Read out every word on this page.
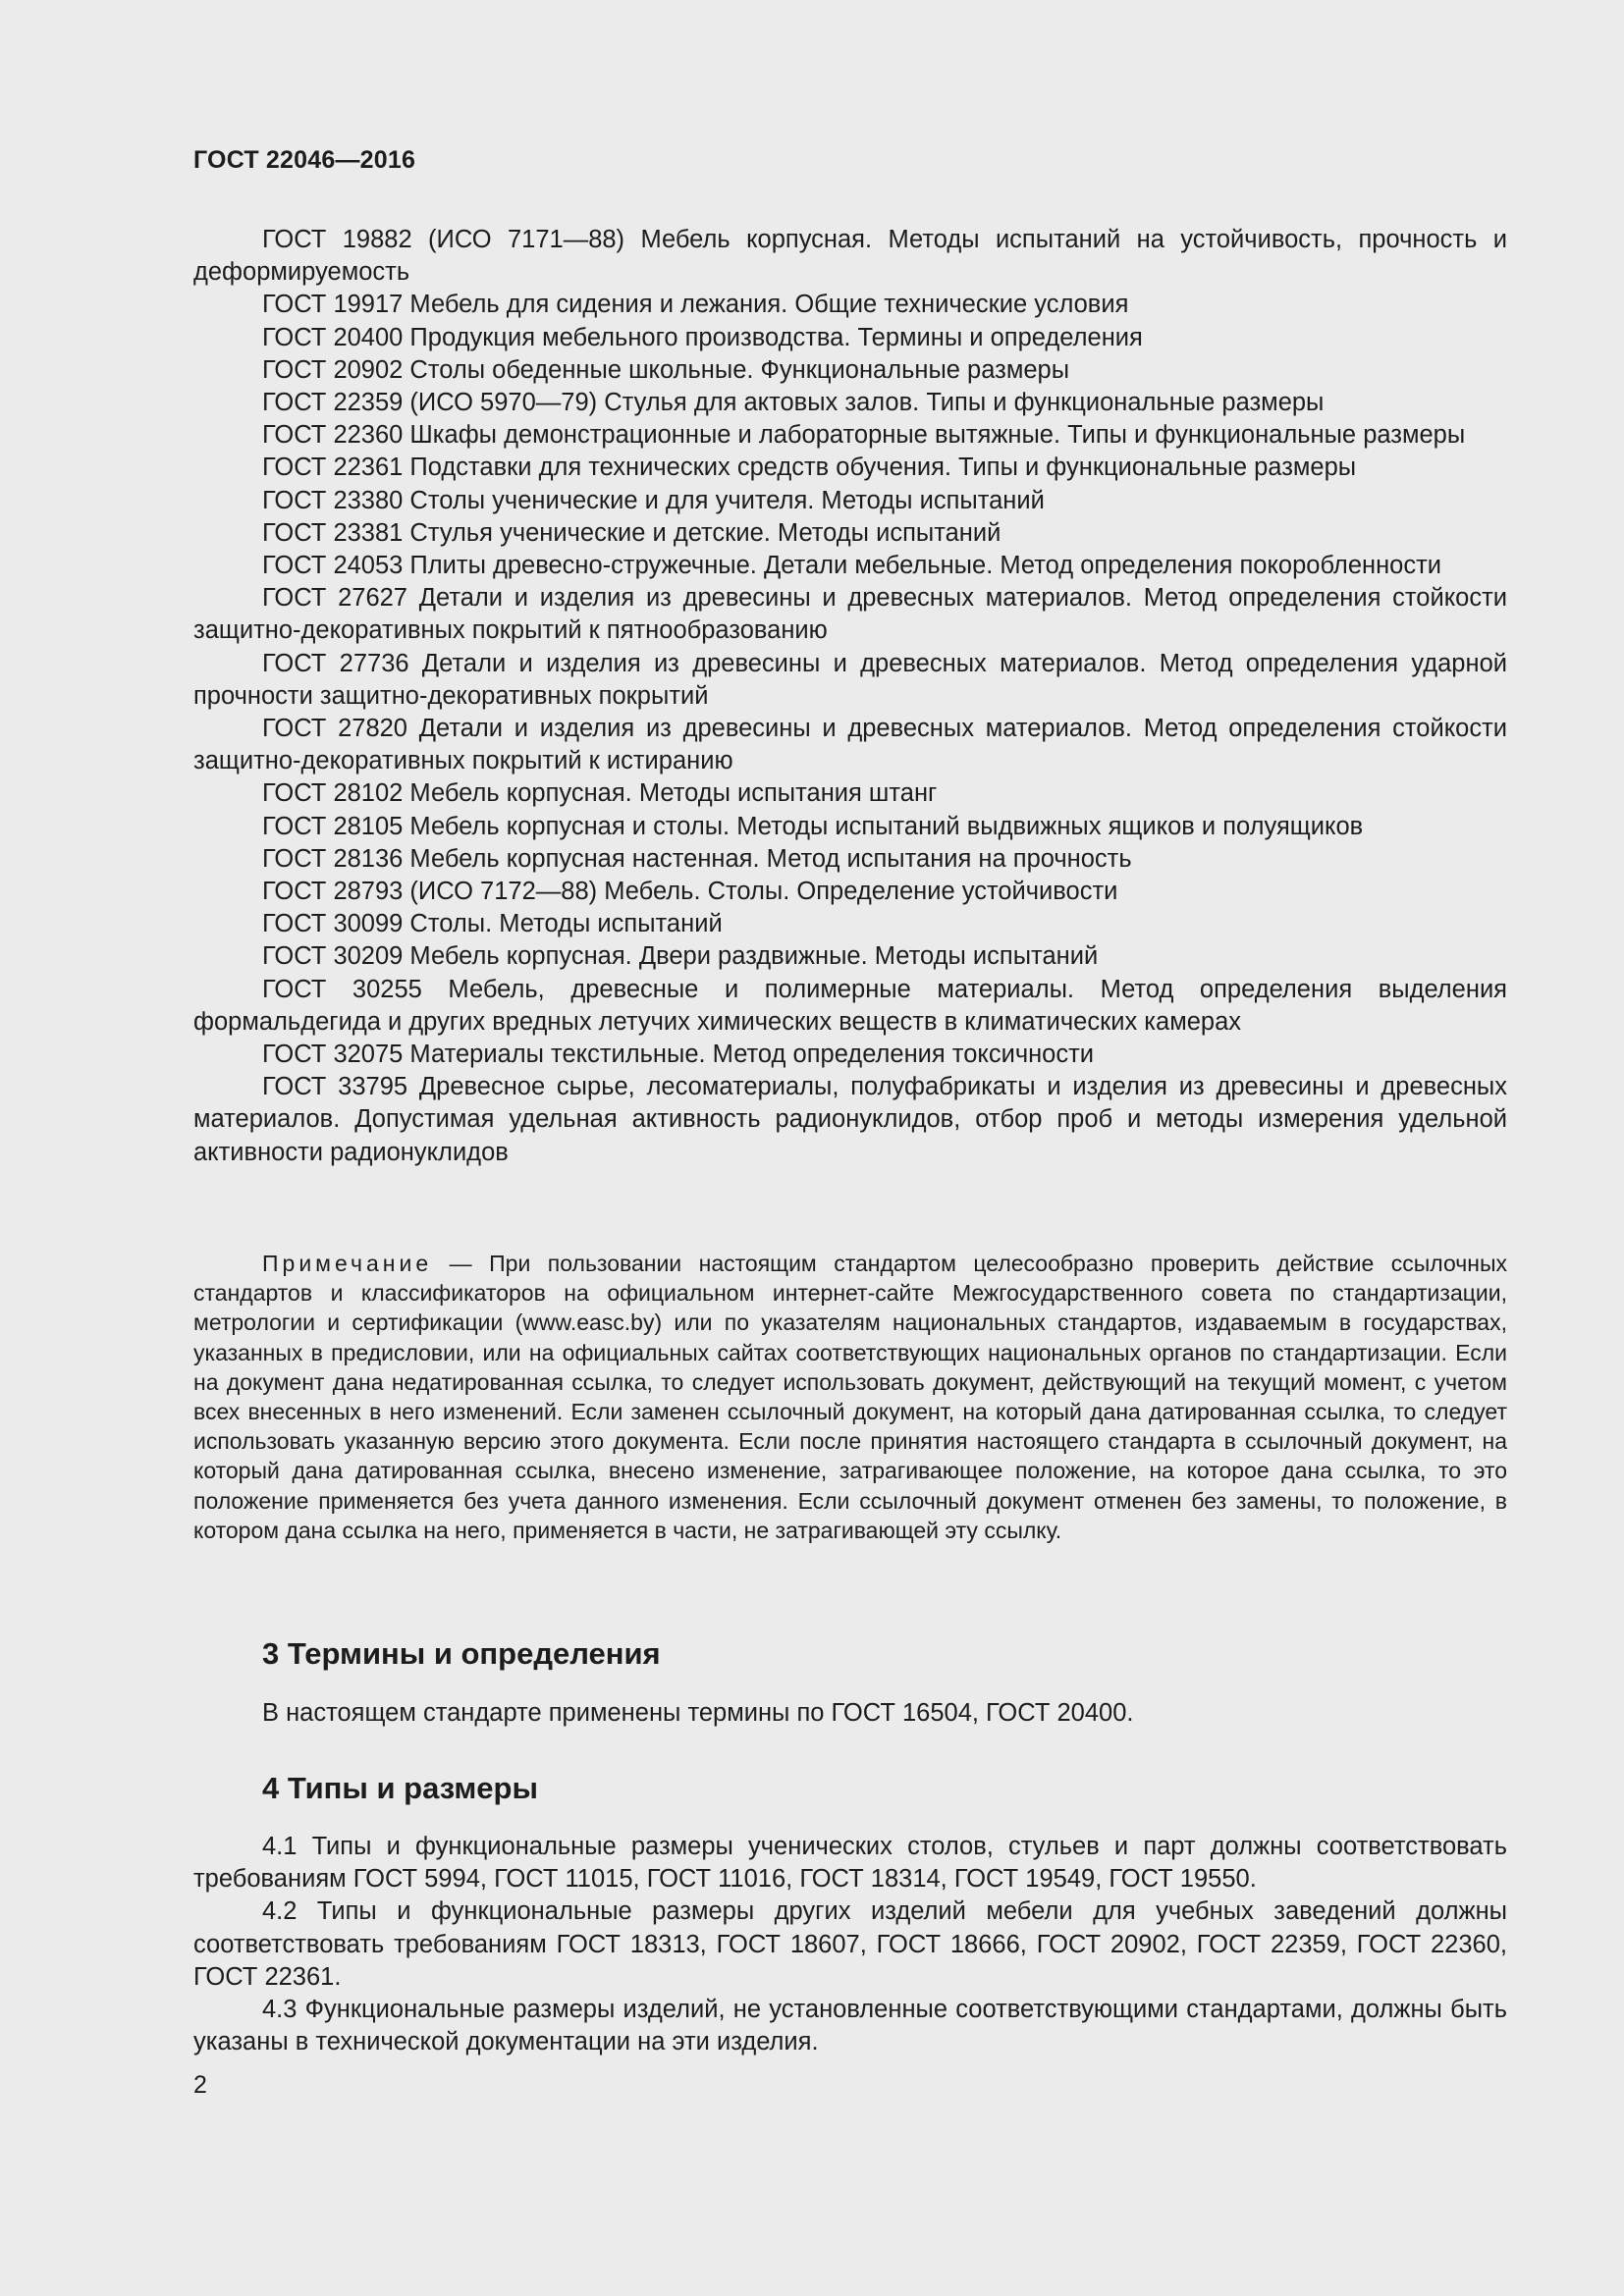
ГОСТ 22046—2016

ГОСТ 19882 (ИСО 7171—88) Мебель корпусная. Методы испытаний на устойчивость, прочность и деформируемость

ГОСТ 19917 Мебель для сидения и лежания. Общие технические условия

ГОСТ 20400 Продукция мебельного производства. Термины и определения

ГОСТ 20902 Столы обеденные школьные. Функциональные размеры

ГОСТ 22359 (ИСО 5970—79) Стулья для актовых залов. Типы и функциональные размеры

ГОСТ 22360 Шкафы демонстрационные и лабораторные вытяжные. Типы и функциональные размеры

ГОСТ 22361 Подставки для технических средств обучения. Типы и функциональные размеры

ГОСТ 23380 Столы ученические и для учителя. Методы испытаний

ГОСТ 23381 Стулья ученические и детские. Методы испытаний

ГОСТ 24053 Плиты древесно-стружечные. Детали мебельные. Метод определения покоробленности

ГОСТ 27627 Детали и изделия из древесины и древесных материалов. Метод определения стойкости защитно-декоративных покрытий к пятнообразованию

ГОСТ 27736 Детали и изделия из древесины и древесных материалов. Метод определения ударной прочности защитно-декоративных покрытий

ГОСТ 27820 Детали и изделия из древесины и древесных материалов. Метод определения стойкости защитно-декоративных покрытий к истиранию

ГОСТ 28102 Мебель корпусная. Методы испытания штанг

ГОСТ 28105 Мебель корпусная и столы. Методы испытаний выдвижных ящиков и полуящиков

ГОСТ 28136 Мебель корпусная настенная. Метод испытания на прочность

ГОСТ 28793 (ИСО 7172—88) Мебель. Столы. Определение устойчивости

ГОСТ 30099 Столы. Методы испытаний

ГОСТ 30209 Мебель корпусная. Двери раздвижные. Методы испытаний

ГОСТ 30255 Мебель, древесные и полимерные материалы. Метод определения выделения формальдегида и других вредных летучих химических веществ в климатических камерах

ГОСТ 32075 Материалы текстильные. Метод определения токсичности

ГОСТ 33795 Древесное сырье, лесоматериалы, полуфабрикаты и изделия из древесины и древесных материалов. Допустимая удельная активность радионуклидов, отбор проб и методы измерения удельной активности радионуклидов

Примечание — При пользовании настоящим стандартом целесообразно проверить действие ссылочных стандартов и классификаторов на официальном интернет-сайте Межгосударственного совета по стандартизации, метрологии и сертификации (www.easc.by) или по указателям национальных стандартов, издаваемым в государствах, указанных в предисловии, или на официальных сайтах соответствующих национальных органов по стандартизации. Если на документ дана недатированная ссылка, то следует использовать документ, действующий на текущий момент, с учетом всех внесенных в него изменений. Если заменен ссылочный документ, на который дана датированная ссылка, то следует использовать указанную версию этого документа. Если после принятия настоящего стандарта в ссылочный документ, на который дана датированная ссылка, внесено изменение, затрагивающее положение, на которое дана ссылка, то это положение применяется без учета данного изменения. Если ссылочный документ отменен без замены, то положение, в котором дана ссылка на него, применяется в части, не затрагивающей эту ссылку.

3 Термины и определения

В настоящем стандарте применены термины по ГОСТ 16504, ГОСТ 20400.

4 Типы и размеры

4.1 Типы и функциональные размеры ученических столов, стульев и парт должны соответствовать требованиям ГОСТ 5994, ГОСТ 11015, ГОСТ 11016, ГОСТ 18314, ГОСТ 19549, ГОСТ 19550.

4.2 Типы и функциональные размеры других изделий мебели для учебных заведений должны соответствовать требованиям ГОСТ 18313, ГОСТ 18607, ГОСТ 18666, ГОСТ 20902, ГОСТ 22359, ГОСТ 22360, ГОСТ 22361.

4.3 Функциональные размеры изделий, не установленные соответствующими стандартами, должны быть указаны в технической документации на эти изделия.

2
